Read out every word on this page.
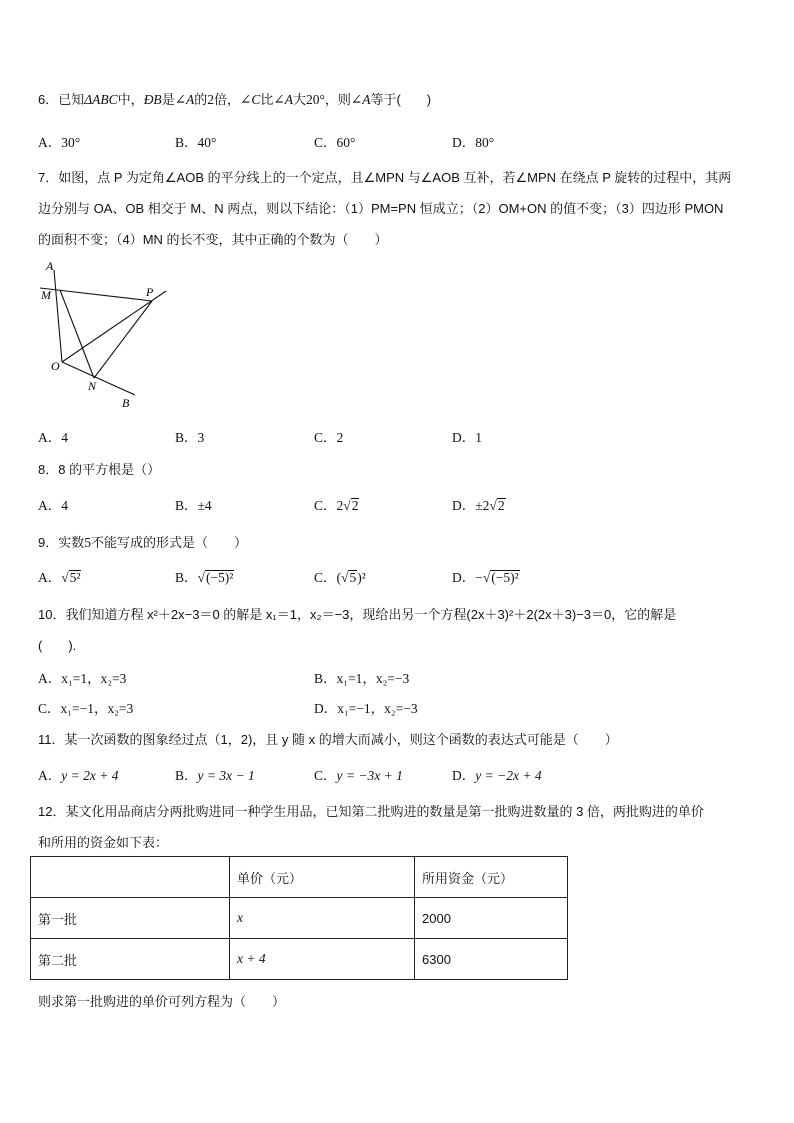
6．已知ΔABC中，ÐB是∠A的2倍，∠C比∠A大20°，则∠A等于(　　)
A．30°	B．40°	C．60°	D．80°
7．如图，点 P 为定角∠AOB 的平分线上的一个定点，且∠MPN 与∠AOB 互补，若∠MPN 在绕点 P 旋转的过程中，其两
边分别与 OA、OB 相交于 M、N 两点，则以下结论：（1）PM=PN 恒成立；（2）OM+ON 的值不变；（3）四边形 PMON
的面积不变；（4）MN 的长不变，其中正确的个数为（　　）
A
M	P
O
N
B
A．4	B．3	C．2	D．1
8．8 的平方根是（）
A．4	B．±4	C．2√2	D．±2√2
9．实数5不能写成的形式是（　　）
A．√5²	B．√(−5)²	C．(√5)²	D．−√(−5)²
10．我们知道方程 x²＋2x−3＝0 的解是 x₁＝1，x₂＝−3，现给出另一个方程(2x＋3)²＋2(2x＋3)−3＝0，它的解是
(　　).
A．x₁=1，x₂=3	B．x₁=1，x₂=−3
C．x₁=−1，x₂=3	D．x₁=−1，x₂=−3
11．某一次函数的图象经过点（1，2)，且 y 随 x 的增大而减小，则这个函数的表达式可能是（　　）
A．y = 2x + 4	B．y = 3x − 1	C．y = −3x + 1	D．y = −2x + 4
12．某文化用品商店分两批购进同一种学生用品，已知第二批购进的数量是第一批购进数量的 3 倍，两批购进的单价
和所用的资金如下表：
	单价（元）	所用资金（元）
第一批	x	2000
第二批	x + 4	6300
则求第一批购进的单价可列方程为（　　）
